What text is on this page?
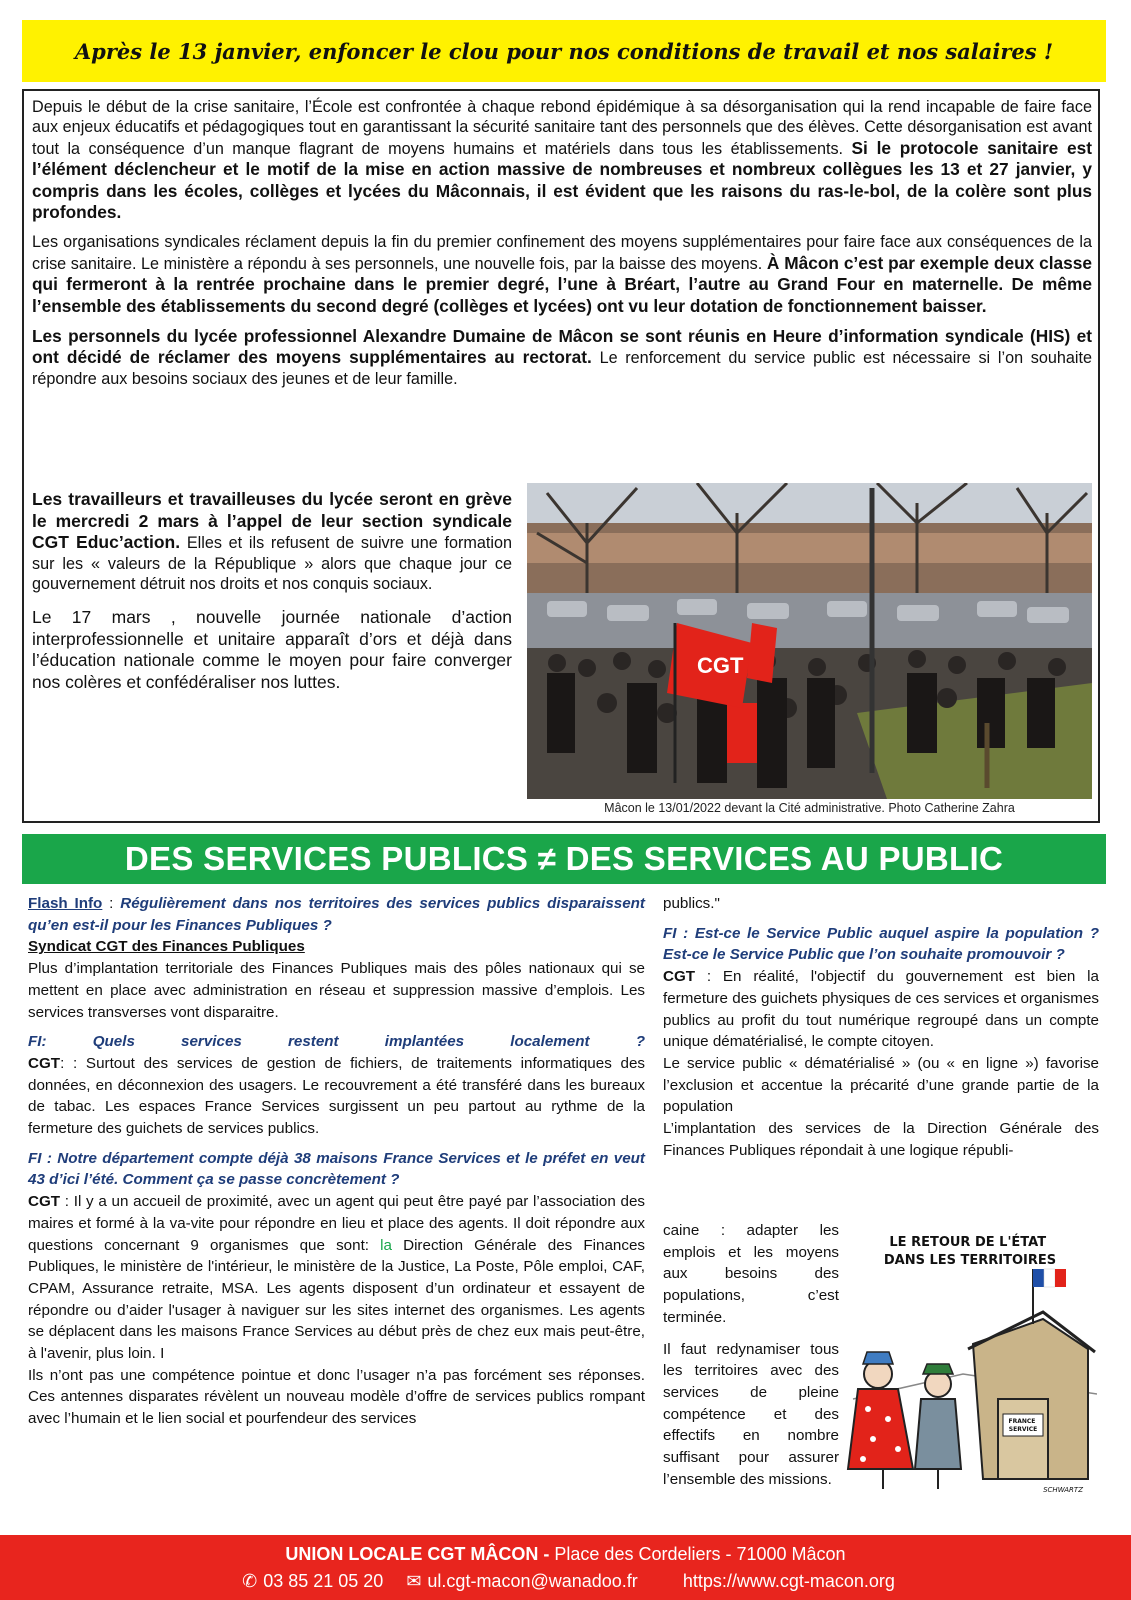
Après le 13 janvier, enfoncer le clou pour nos conditions de travail et nos salaires !

Depuis le début de la crise sanitaire, l’École est confrontée à chaque rebond épidémique à sa désorganisation qui la rend incapable de faire face aux enjeux éducatifs et pédagogiques tout en garantissant la sécurité sanitaire tant des personnels que des élèves. Cette désorganisation est avant tout la conséquence d’un manque flagrant de moyens humains et matériels dans tous les établissements. Si le protocole sanitaire est l’élément déclencheur et le motif de la mise en action massive de nombreuses et nombreux collègues les 13 et 27 janvier, y compris dans les écoles, collèges et lycées du Mâconnais, il est évident que les raisons du ras-le-bol, de la colère sont plus profondes.

Les organisations syndicales réclament depuis la fin du premier confinement des moyens supplémentaires pour faire face aux conséquences de la crise sanitaire. Le ministère a répondu à ses personnels, une nouvelle fois, par la baisse des moyens. À Mâcon c’est par exemple deux classe qui fermeront à la rentrée prochaine dans le premier degré, l’une à Bréart, l’autre au Grand Four en maternelle. De même l’ensemble des établissements du second degré (collèges et lycées) ont vu leur dotation de fonctionnement baisser.

Les personnels du lycée professionnel Alexandre Dumaine de Mâcon se sont réunis en Heure d’information syndicale (HIS) et ont décidé de réclamer des moyens supplémentaires au rectorat. Le renforcement du service public est nécessaire si l’on souhaite répondre aux besoins sociaux des jeunes et de leur famille.

Les travailleurs et travailleuses du lycée seront en grève le mercredi 2 mars à l’appel de leur section syndicale CGT Educ’action. Elles et ils refusent de suivre une formation sur les « valeurs de la République » alors que chaque jour ce gouvernement détruit nos droits et nos conquis sociaux.

Le 17 mars , nouvelle journée nationale d’action interprofessionnelle et unitaire apparaît d’ors et déjà dans l’éducation nationale comme le moyen pour faire converger nos colères et confédéraliser nos luttes.

CGT
Mâcon le 13/01/2022 devant la Cité administrative. Photo Catherine Zahra
DES SERVICES PUBLICS ≠ DES SERVICES AU PUBLIC

Flash Info : Régulièrement dans nos territoires des services publics disparaissent qu’en est-il pour les Finances Publiques ?

Syndicat CGT des Finances Publiques

Plus d’implantation territoriale des Finances Publiques mais des pôles nationaux qui se mettent en place avec administration en réseau et suppression massive d’emplois. Les services transverses vont disparaitre.

FI: Quels services restent implantées localement ?

CGT: : Surtout des services de gestion de fichiers, de traitements informatiques des données, en déconnexion des usagers. Le recouvrement a été transféré dans les bureaux de tabac. Les espaces France Services surgissent un peu partout au rythme de la fermeture des guichets de services publics.

FI : Notre département compte déjà 38 maisons France Services et le préfet en veut 43 d’ici l’été. Comment ça se passe concrètement ?

CGT : Il y a un accueil de proximité, avec un agent qui peut être payé par l’association des maires et formé à la va-vite pour répondre en lieu et place des agents. Il doit répondre aux questions concernant 9 organismes que sont: la Direction Générale des Finances Publiques, le ministère de l'intérieur, le ministère de la Justice, La Poste, Pôle emploi, CAF, CPAM, Assurance retraite, MSA. Les agents disposent d’un ordinateur et essayent de répondre ou d’aider l'usager à naviguer sur les sites internet des organismes. Les agents se déplacent dans les maisons France Services au début près de chez eux mais peut-être, à l'avenir, plus loin. I

Ils n’ont pas une compétence pointue et donc l’usager n’a pas forcément ses réponses. Ces antennes disparates révèlent un nouveau modèle d’offre de services publics rompant avec l’humain et le lien social et pourfendeur des services

publics."

FI : Est-ce le Service Public auquel aspire la population ? Est-ce le Service Public que l’on souhaite promouvoir ?

CGT : En réalité, l'objectif du gouvernement est bien la fermeture des guichets physiques de ces services et organismes publics au profit du tout numérique regroupé dans un compte unique dématérialisé, le compte citoyen.

Le service public « dématérialisé » (ou « en ligne ») favorise l’exclusion et accentue la précarité d’une grande partie de la population

L’implantation des services de la Direction Générale des Finances Publiques répondait à une logique républi-

caine : adapter les emplois et les moyens aux besoins des populations, c’est terminée.

Il faut redynamiser tous les territoires avec des services de pleine compétence et des effectifs en nombre suffisant pour assurer l’ensemble des missions.

LE RETOUR DE L'ÉTAT DANS LES TERRITOIRES
FRANCE SERVICE
SCHWARTZ
UNION LOCALE CGT MÂCON - Place des Cordeliers - 71000 Mâcon
✆ 03 85 21 05 20 ✉ ul.cgt-macon@wanadoo.fr	https://www.cgt-macon.org
